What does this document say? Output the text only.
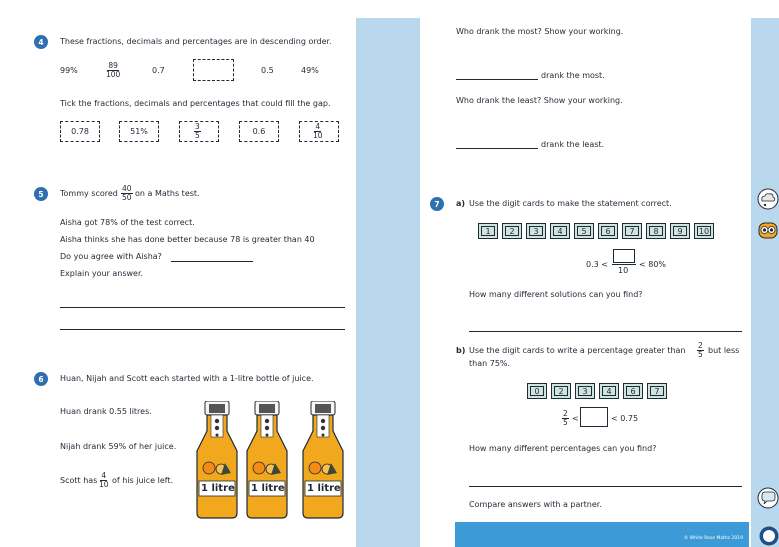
4	These fractions, decimals and percentages are in descending order.
99%	$\frac{89}{100}$	0.7	0.5	49%
Tick the fractions, decimals and percentages that could fill the gap.
0.78	51%	$\frac{3}{5}$	0.6	$\frac{4}{10}$
5	Tommy scored $\frac{40}{50}$ on a Maths test.
Aisha got 78% of the test correct.
Aisha thinks she has done better because 78 is greater than 40
Do you agree with Aisha?
Explain your answer.
6	Huan, Nijah and Scott each started with a 1-litre bottle of juice.
Huan drank 0.55 litres.
Nijah drank 59% of her juice.
Scott has $\frac{4}{10}$ of his juice left.
1 litre 1 litre 1 litre
Who drank the most? Show your working.
drank the most.
Who drank the least? Show your working.
drank the least.
7	a) Use the digit cards to make the statement correct.
1	2	3	4	5	6	7	8	9	10
0.3 <
10
< 80%
How many different solutions can you find?
b) Use the digit cards to write a percentage greater than $\frac{2}{5}$ but less
than 75%.
0	2	3	4	6	7
$\frac{2}{5}$ <	< 0.75
How many different percentages can you find?
Compare answers with a partner.
© White Rose Maths 2019
